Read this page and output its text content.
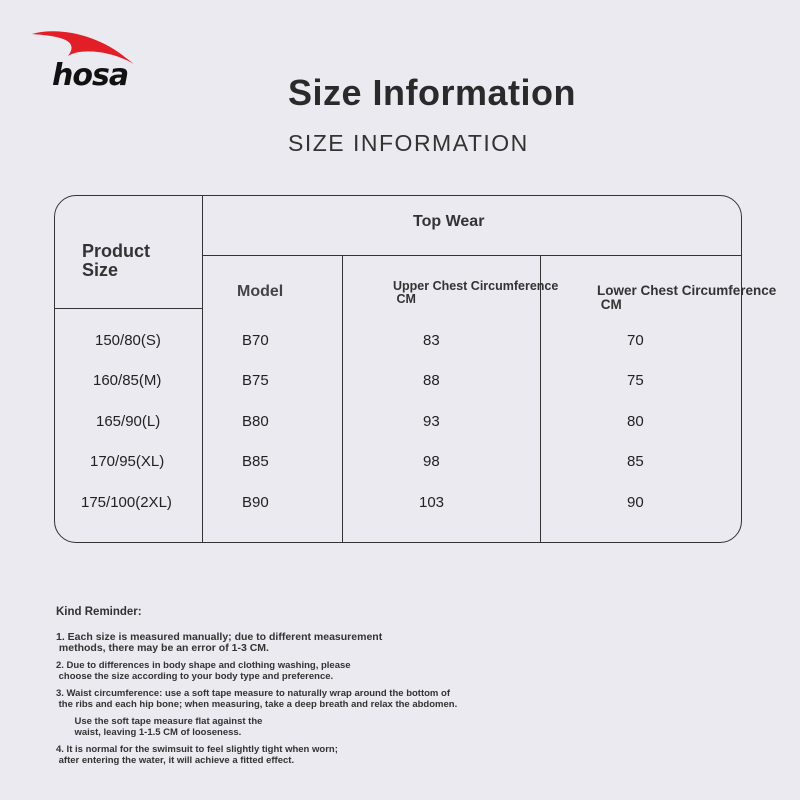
hosa	Size Information
SIZE INFORMATION
Product
Size
Top Wear
Model	Upper Chest Circumference
CM
Lower Chest Circumference
CM
150/80(S)	B70	83	70
160/85(M)	B75	88	75
165/90(L)	B80	93	80
170/95(XL)	B85	98	85
175/100(2XL)	B90	103	90
Kind Reminder:
1. Each size is measured manually; due to different measurement
methods, there may be an error of 1-3 CM.
2. Due to differences in body shape and clothing washing, please
choose the size according to your body type and preference.
3. Waist circumference: use a soft tape measure to naturally wrap around the bottom of
the ribs and each hip bone; when measuring, take a deep breath and relax the abdomen.
Use the soft tape measure flat against the
waist, leaving 1-1.5 CM of looseness.
4. It is normal for the swimsuit to feel slightly tight when worn;
after entering the water, it will achieve a fitted effect.
